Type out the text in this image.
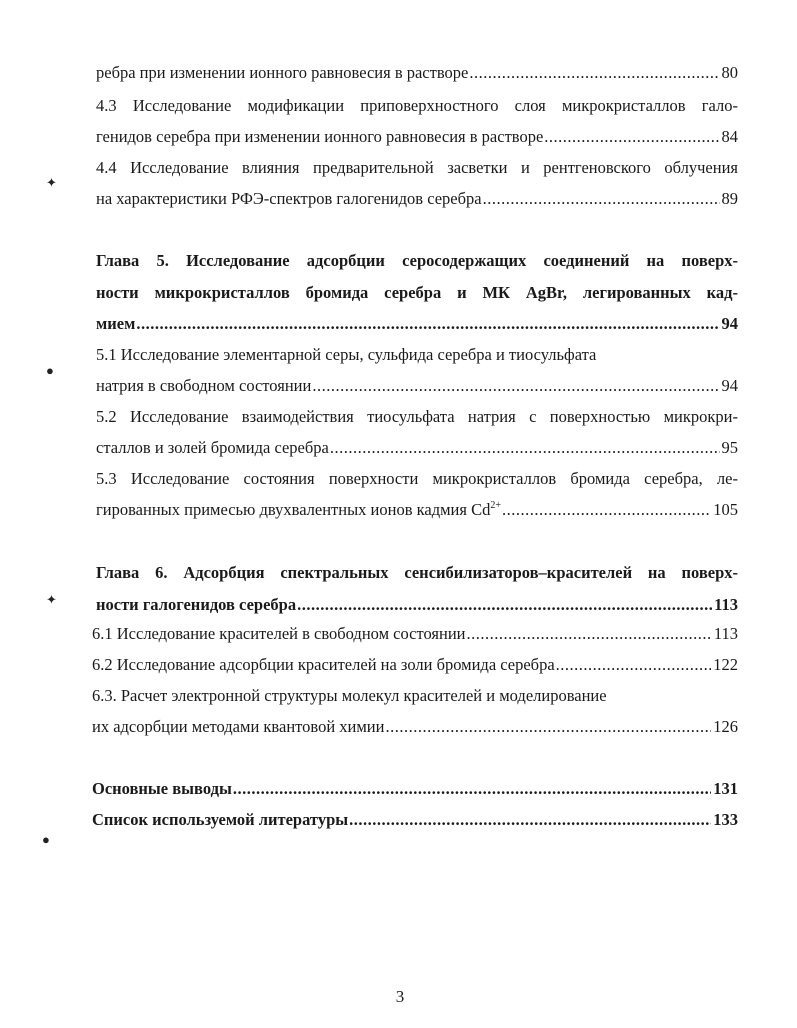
ребра при изменении ионного равновесия в растворе .....	80
4.3 Исследование модификации приповерхностного слоя микрокристаллов гало-
генидов серебра при изменении ионного равновесия в растворе .....	84
4.4 Исследование влияния предварительной засветки и рентгеновского облучения
на характеристики РФЭ-спектров галогенидов серебра .....	89
Глава 5. Исследование адсорбции серосодержащих соединений на поверх-
ности микрокристаллов бромида серебра и МК AgBr, легированных кад-
мием .....	94
5.1 Исследование элементарной серы, сульфида серебра и тиосульфата
натрия в свободном состоянии .....	94
5.2 Исследование взаимодействия тиосульфата натрия с поверхностью микрокри-
сталлов и золей бромида серебра .....	95
5.3 Исследование состояния поверхности микрокристаллов бромида серебра, ле-
гированных примесью двухвалентных ионов кадмия $Cd^{2+}$ .....	105
Глава 6. Адсорбция спектральных сенсибилизаторов–красителей на поверх-
ности галогенидов серебра .....	113
6.1 Исследование красителей в свободном состоянии .....	113
6.2 Исследование адсорбции красителей на золи бромида серебра .....	122
6.3. Расчет электронной структуры молекул красителей и моделирование
их адсорбции методами квантовой химии .....	126
Основные выводы .....	131
Список используемой литературы .....	133
✦
●
✦
●
3
